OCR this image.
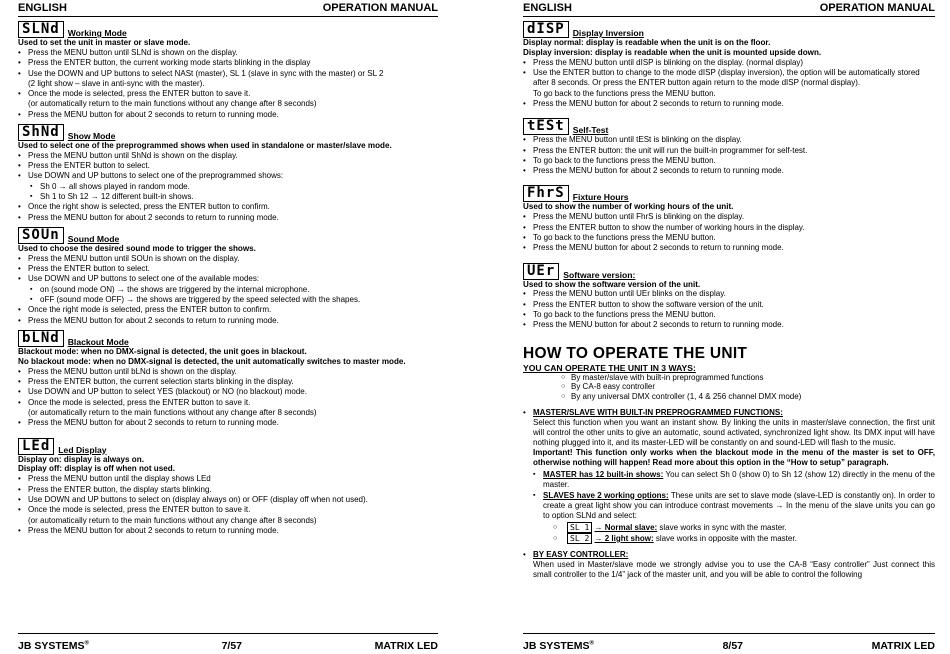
ENGLISH	OPERATION MANUAL
SLNd Working Mode
Used to set the unit in master or slave mode.
• Press the MENU button until SLNd is shown on the display.
• Press the ENTER button, the current working mode starts blinking in the display
• Use the DOWN and UP buttons to select NASt (master), SL 1 (slave in sync with the master) or SL 2
(2 light show – slave in anti-sync with the master).
• Once the mode is selected, press the ENTER button to save it.
(or automatically return to the main functions without any change after 8 seconds)
• Press the MENU button for about 2 seconds to return to running mode.
ShNd Show Mode
Used to select one of the preprogrammed shows when used in standalone or master/slave mode.
• Press the MENU button until ShNd is shown on the display.
• Press the ENTER button to select.
• Use DOWN and UP buttons to select one of the preprogrammed shows:
▪ Sh 0 → all shows played in random mode.
▪ Sh 1 to Sh 12 → 12 different built-in shows.
• Once the right show is selected, press the ENTER button to confirm.
• Press the MENU button for about 2 seconds to return to running mode.
SOUn Sound Mode
Used to choose the desired sound mode to trigger the shows.
• Press the MENU button until SOUn is shown on the display.
• Press the ENTER button to select.
• Use DOWN and UP buttons to select one of the available modes:
▪ on (sound mode ON) → the shows are triggered by the internal microphone.
▪ oFF (sound mode OFF) → the shows are triggered by the speed selected with the shapes.
• Once the right mode is selected, press the ENTER button to confirm.
• Press the MENU button for about 2 seconds to return to running mode.
bLNd Blackout Mode
Blackout mode: when no DMX-signal is detected, the unit goes in blackout.
No blackout mode: when no DMX-signal is detected, the unit automatically switches to master mode.
• Press the MENU button until bLNd is shown on the display.
• Press the ENTER button, the current selection starts blinking in the display.
• Use DOWN and UP button to select YES (blackout) or NO (no blackout) mode.
• Once the mode is selected, press the ENTER button to save it.
(or automatically return to the main functions without any change after 8 seconds)
• Press the MENU button for about 2 seconds to return to running mode.
LEd Led Display
Display on: display is always on.
Display off: display is off when not used.
• Press the MENU button until the display shows LEd
• Press the ENTER button, the display starts blinking.
• Use DOWN and UP buttons to select on (display always on) or OFF (display off when not used).
• Once the mode is selected, press the ENTER button to save it.
(or automatically return to the main functions without any change after 8 seconds)
• Press the MENU button for about 2 seconds to return to running mode.
JB SYSTEMS®	7/57	MATRIX LED
ENGLISH	OPERATION MANUAL
dISP Display Inversion
Display normal: display is readable when the unit is on the floor.
Display inversion: display is readable when the unit is mounted upside down.
• Press the MENU button until dISP is blinking on the display. (normal display)
• Use the ENTER button to change to the mode dISP (display inversion), the option will be automatically stored after 8 seconds. Or press the ENTER button again return to the mode dISP (normal display).
To go back to the functions press the MENU button.
• Press the MENU button for about 2 seconds to return to running mode.
tESt Self-Test
• Press the MENU button until tESt is blinking on the display.
• Press the ENTER button: the unit will run the built-in programmer for self-test.
• To go back to the functions press the MENU button.
• Press the MENU button for about 2 seconds to return to running mode.
FhrS Fixture Hours
Used to show the number of working hours of the unit.
• Press the MENU button until FhrS is blinking on the display.
• Press the ENTER button to show the number of working hours in the display.
• To go back to the functions press the MENU button.
• Press the MENU button for about 2 seconds to return to running mode.
UEr Software version:
Used to show the software version of the unit.
• Press the MENU button until UEr blinks on the display.
• Press the ENTER button to show the software version of the unit.
• To go back to the functions press the MENU button.
• Press the MENU button for about 2 seconds to return to running mode.
HOW TO OPERATE THE UNIT
YOU CAN OPERATE THE UNIT IN 3 WAYS:
○ By master/slave with built-in preprogrammed functions
○ By CA-8 easy controller
○ By any universal DMX controller (1, 4 & 256 channel DMX mode)
• MASTER/SLAVE WITH BUILT-IN PREPROGRAMMED FUNCTIONS:
Select this function when you want an instant show. By linking the units in master/slave connection, the first unit will control the other units to give an automatic, sound activated, synchronized light show. Its DMX input will have nothing plugged into it, and its master-LED will be constantly on and sound-LED will flash to the music.
Important! This function only works when the blackout mode in the menu of the master is set to OFF, otherwise nothing will happen! Read more about this option in the “How to setup” paragraph.
▪ MASTER has 12 built-in shows: You can select Sh 0 (show 0) to Sh 12 (show 12) directly in the menu of the master.
▪ SLAVES have 2 working options: These units are set to slave mode (slave-LED is constantly on). In order to create a great light show you can introduce contrast movements → In the menu of the slave units you can go to option SLNd and select:
○ SL 1 → Normal slave: slave works in sync with the master.
○ SL 2 → 2 light show: slave works in opposite with the master.
• BY EASY CONTROLLER:
When used in Master/slave mode we strongly advise you to use the CA-8 “Easy controller” Just connect this small controller to the 1/4” jack of the master unit, and you will be able to control the following
JB SYSTEMS®	8/57	MATRIX LED
